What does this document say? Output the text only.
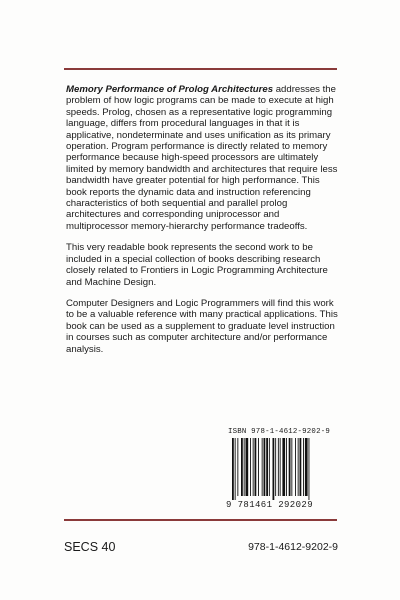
Memory Performance of Prolog Architectures addresses the problem of how logic programs can be made to execute at high speeds. Prolog, chosen as a representative logic programming language, differs from procedural languages in that it is applicative, nondeterminate and uses unification as its primary operation. Program performance is directly related to memory performance because high-speed processors are ultimately limited by memory bandwidth and architectures that require less bandwidth have greater potential for high performance. This book reports the dynamic data and instruction referencing characteristics of both sequential and parallel prolog architectures and corresponding uniprocessor and multiprocessor memory-hierarchy performance tradeoffs.

This very readable book represents the second work to be included in a special collection of books describing research closely related to Frontiers in Logic Programming Architecture and Machine Design.

Computer Designers and Logic Programmers will find this work to be a valuable reference with many practical applications. This book can be used as a supplement to graduate level instruction in courses such as computer architecture and/or performance analysis.

ISBN 978-1-4612-9202-9
9 781461 292029
SECS 40	978-1-4612-9202-9
